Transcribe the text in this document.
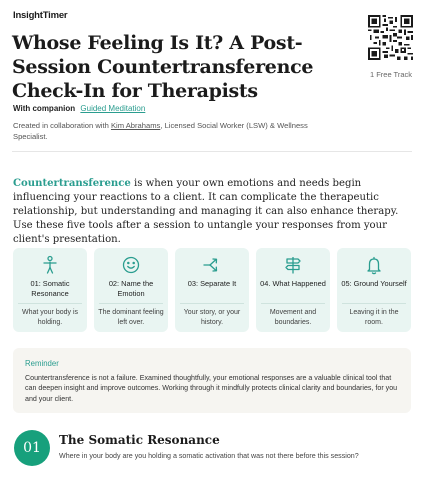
InsightTimer
Whose Feeling Is It? A Post-Session Countertransference Check-In for Therapists
1 Free Track
With companion Guided Meditation
Created in collaboration with Kim Abrahams, Licensed Social Worker (LSW) & Wellness Specialist.

Countertransference is when your own emotions and needs begin influencing your reactions to a client. It can complicate the therapeutic relationship, but understanding and managing it can also enhance therapy. Use these five tools after a session to untangle your responses from your client's presentation.

01: Somatic Resonance
What your body is holding.
02: Name the Emotion
The dominant feeling left over.
03: Separate It
Your story, or your history.
04. What Happened
Movement and boundaries.
05: Ground Yourself
Leaving it in the room.
Reminder
Countertransference is not a failure. Examined thoughtfully, your emotional responses are a valuable clinical tool that can deepen insight and improve outcomes. Working through it mindfully protects clinical clarity and boundaries, for you and your client.
01	The Somatic Resonance
Where in your body are you holding a somatic activation that was not there before this session?
